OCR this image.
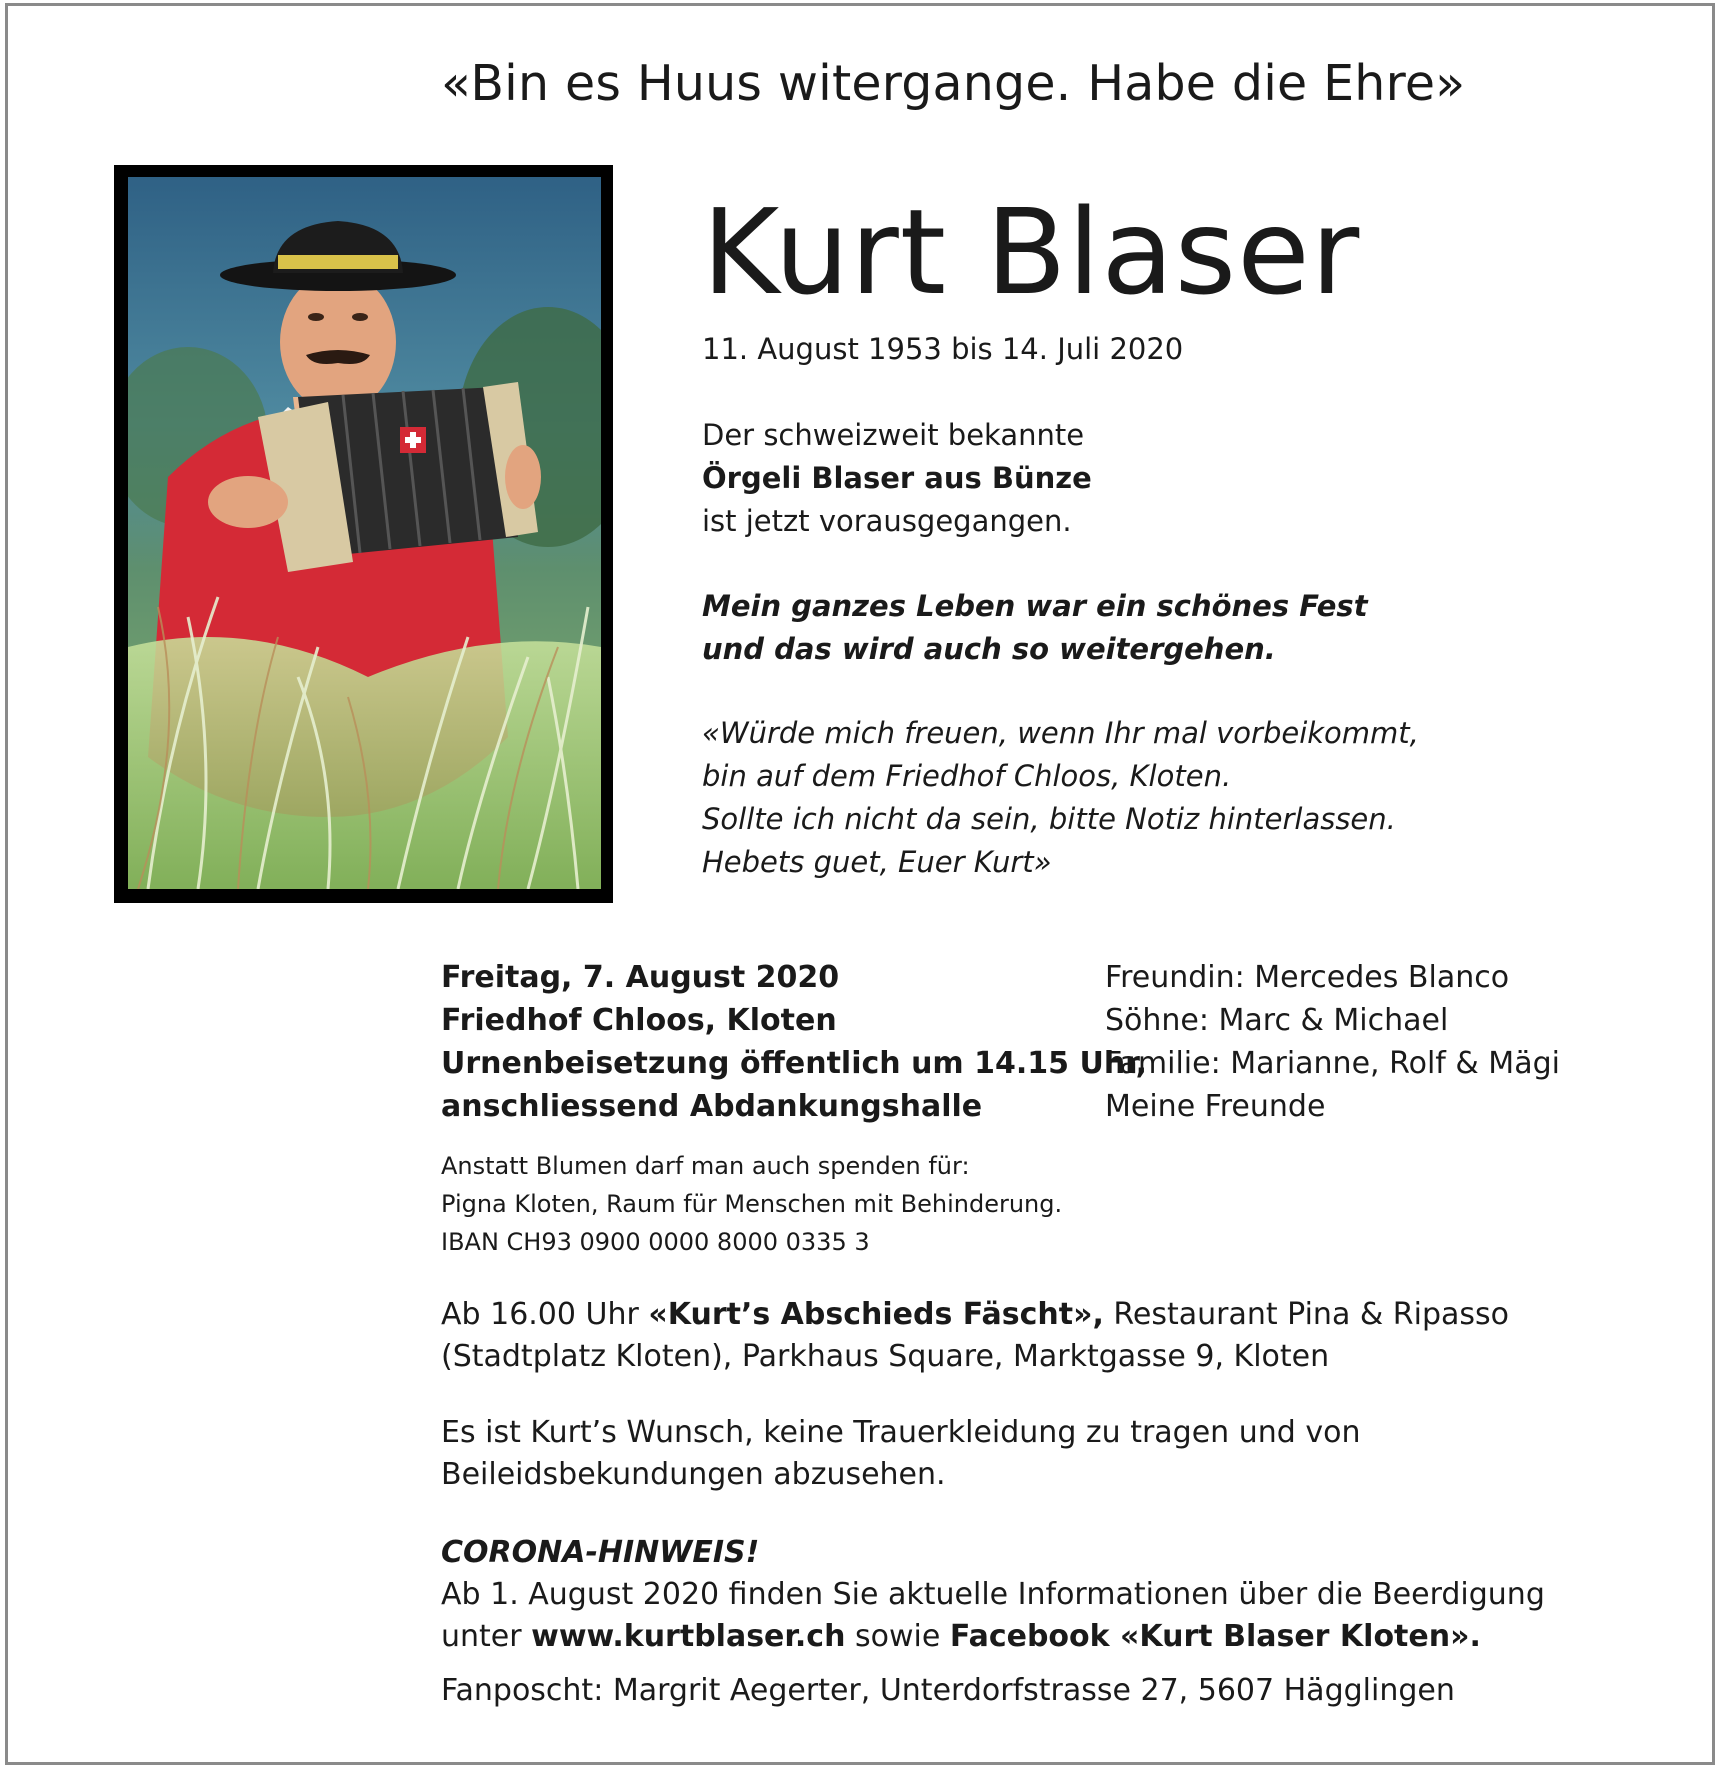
«Bin es Huus witergange. Habe die Ehre»
Kurt Blaser
11. August 1953 bis 14. Juli 2020
Der schweizweit bekannte
Örgeli Blaser aus Bünze
ist jetzt vorausgegangen.
Mein ganzes Leben war ein schönes Fest
und das wird auch so weitergehen.
«Würde mich freuen, wenn Ihr mal vorbeikommt,
bin auf dem Friedhof Chloos, Kloten.
Sollte ich nicht da sein, bitte Notiz hinterlassen.
Hebets guet, Euer Kurt»
Freitag, 7. August 2020
Friedhof Chloos, Kloten
Urnenbeisetzung öffentlich um 14.15 Uhr,
anschliessend Abdankungshalle
Freundin: Mercedes Blanco
Söhne: Marc & Michael
Familie: Marianne, Rolf & Mägi
Meine Freunde
Anstatt Blumen darf man auch spenden für:
Pigna Kloten, Raum für Menschen mit Behinderung.
IBAN CH93 0900 0000 8000 0335 3
Ab 16.00 Uhr «Kurt’s Abschieds Fäscht», Restaurant Pina & Ripasso
(Stadtplatz Kloten), Parkhaus Square, Marktgasse 9, Kloten
Es ist Kurt’s Wunsch, keine Trauerkleidung zu tragen und von
Beileidsbekundungen abzusehen.
CORONA-HINWEIS!
Ab 1. August 2020 finden Sie aktuelle Informationen über die Beerdigung
unter www.kurtblaser.ch sowie Facebook «Kurt Blaser Kloten».
Fanposcht: Margrit Aegerter, Unterdorfstrasse 27, 5607 Hägglingen
